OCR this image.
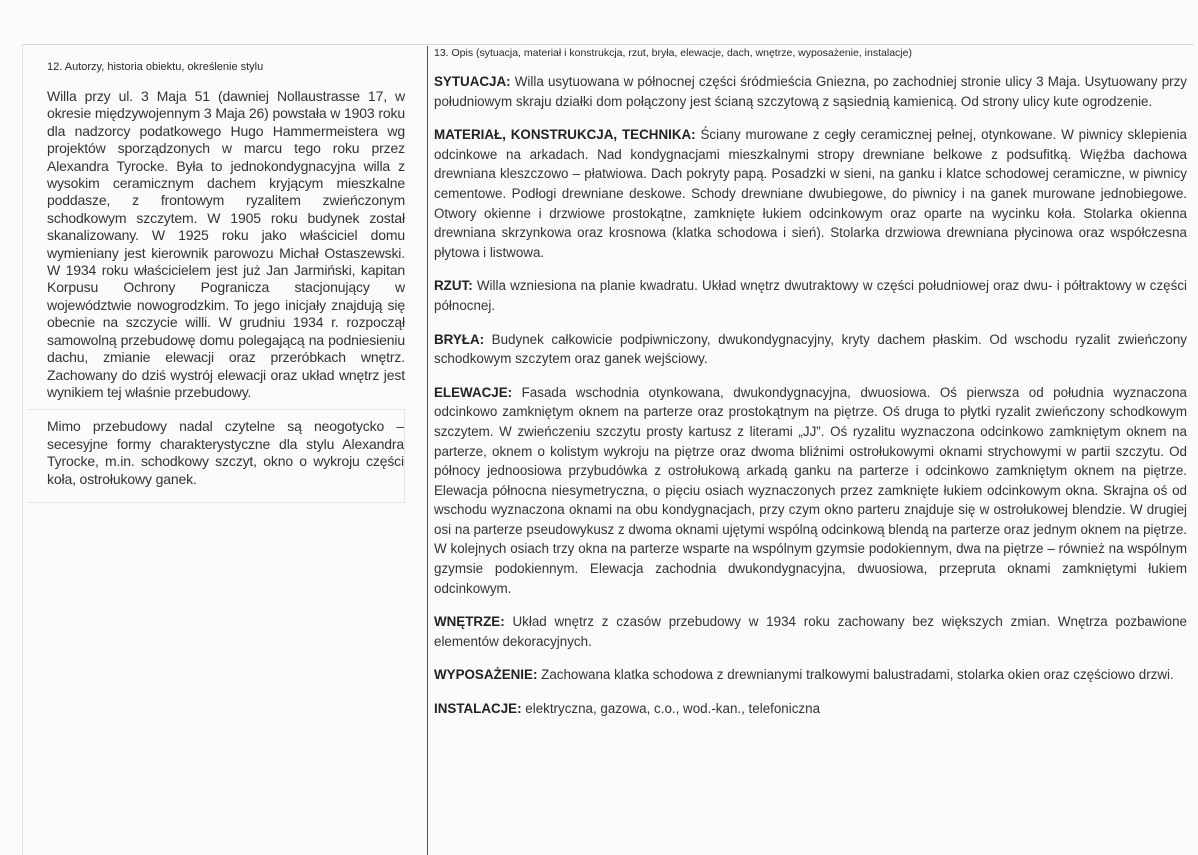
12. Autorzy, historia obiektu, określenie stylu

Willa przy ul. 3 Maja 51 (dawniej Nollaustrasse 17, w okresie międzywojennym 3 Maja 26) powstała w 1903 roku dla nadzorcy podatkowego Hugo Hammermeistera wg projektów sporządzonych w marcu tego roku przez Alexandra Tyrocke. Była to jednokondygnacyjna willa z wysokim ceramicznym dachem kryjącym mieszkalne poddasze, z frontowym ryzalitem zwieńczonym schodkowym szczytem. W 1905 roku budynek został skanalizowany. W 1925 roku jako właściciel domu wymieniany jest kierownik parowozu Michał Ostaszewski. W 1934 roku właścicielem jest już Jan Jarmiński, kapitan Korpusu Ochrony Pogranicza stacjonujący w województwie nowogrodzkim. To jego inicjały znajdują się obecnie na szczycie willi. W grudniu 1934 r. rozpoczął samowolną przebudowę domu polegającą na podniesieniu dachu, zmianie elewacji oraz przeróbkach wnętrz. Zachowany do dziś wystrój elewacji oraz układ wnętrz jest wynikiem tej właśnie przebudowy.

Mimo przebudowy nadal czytelne są neogotycko – secesyjne formy charakterystyczne dla stylu Alexandra Tyrocke, m.in. schodkowy szczyt, okno o wykroju części koła, ostrołukowy ganek.

13. Opis (sytuacja, materiał i konstrukcja, rzut, bryła, elewacje, dach, wnętrze, wyposażenie, instalacje)

SYTUACJA: Willa usytuowana w północnej części śródmieścia Gniezna, po zachodniej stronie ulicy 3 Maja. Usytuowany przy południowym skraju działki dom połączony jest ścianą szczytową z sąsiednią kamienicą. Od strony ulicy kute ogrodzenie.

MATERIAŁ, KONSTRUKCJA, TECHNIKA: Ściany murowane z cegły ceramicznej pełnej, otynkowane. W piwnicy sklepienia odcinkowe na arkadach. Nad kondygnacjami mieszkalnymi stropy drewniane belkowe z podsufitką. Więźba dachowa drewniana kleszczowo – płatwiowa. Dach pokryty papą. Posadzki w sieni, na ganku i klatce schodowej ceramiczne, w piwnicy cementowe. Podłogi drewniane deskowe. Schody drewniane dwubiegowe, do piwnicy i na ganek murowane jednobiegowe. Otwory okienne i drzwiowe prostokątne, zamknięte łukiem odcinkowym oraz oparte na wycinku koła. Stolarka okienna drewniana skrzynkowa oraz krosnowa (klatka schodowa i sień). Stolarka drzwiowa drewniana płycinowa oraz współczesna płytowa i listwowa.

RZUT: Willa wzniesiona na planie kwadratu. Układ wnętrz dwutraktowy w części południowej oraz dwu- i półtraktowy w części północnej.

BRYŁA: Budynek całkowicie podpiwniczony, dwukondygnacyjny, kryty dachem płaskim. Od wschodu ryzalit zwieńczony schodkowym szczytem oraz ganek wejściowy.

ELEWACJE: Fasada wschodnia otynkowana, dwukondygnacyjna, dwuosiowa. Oś pierwsza od południa wyznaczona odcinkowo zamkniętym oknem na parterze oraz prostokątnym na piętrze. Oś druga to płytki ryzalit zwieńczony schodkowym szczytem. W zwieńczeniu szczytu prosty kartusz z literami „JJ”. Oś ryzalitu wyznaczona odcinkowo zamkniętym oknem na parterze, oknem o kolistym wykroju na piętrze oraz dwoma bliźnimi ostrołukowymi oknami strychowymi w partii szczytu. Od północy jednoosiowa przybudówka z ostrołukową arkadą ganku na parterze i odcinkowo zamkniętym oknem na piętrze. Elewacja północna niesymetryczna, o pięciu osiach wyznaczonych przez zamknięte łukiem odcinkowym okna. Skrajna oś od wschodu wyznaczona oknami na obu kondygnacjach, przy czym okno parteru znajduje się w ostrołukowej blendzie. W drugiej osi na parterze pseudowykusz z dwoma oknami ujętymi wspólną odcinkową blendą na parterze oraz jednym oknem na piętrze. W kolejnych osiach trzy okna na parterze wsparte na wspólnym gzymsie podokiennym, dwa na piętrze – również na wspólnym gzymsie podokiennym. Elewacja zachodnia dwukondygnacyjna, dwuosiowa, przepruta oknami zamkniętymi łukiem odcinkowym.

WNĘTRZE: Układ wnętrz z czasów przebudowy w 1934 roku zachowany bez większych zmian. Wnętrza pozbawione elementów dekoracyjnych.

WYPOSAŻENIE: Zachowana klatka schodowa z drewnianymi tralkowymi balustradami, stolarka okien oraz częściowo drzwi.

INSTALACJE: elektryczna, gazowa, c.o., wod.-kan., telefoniczna
